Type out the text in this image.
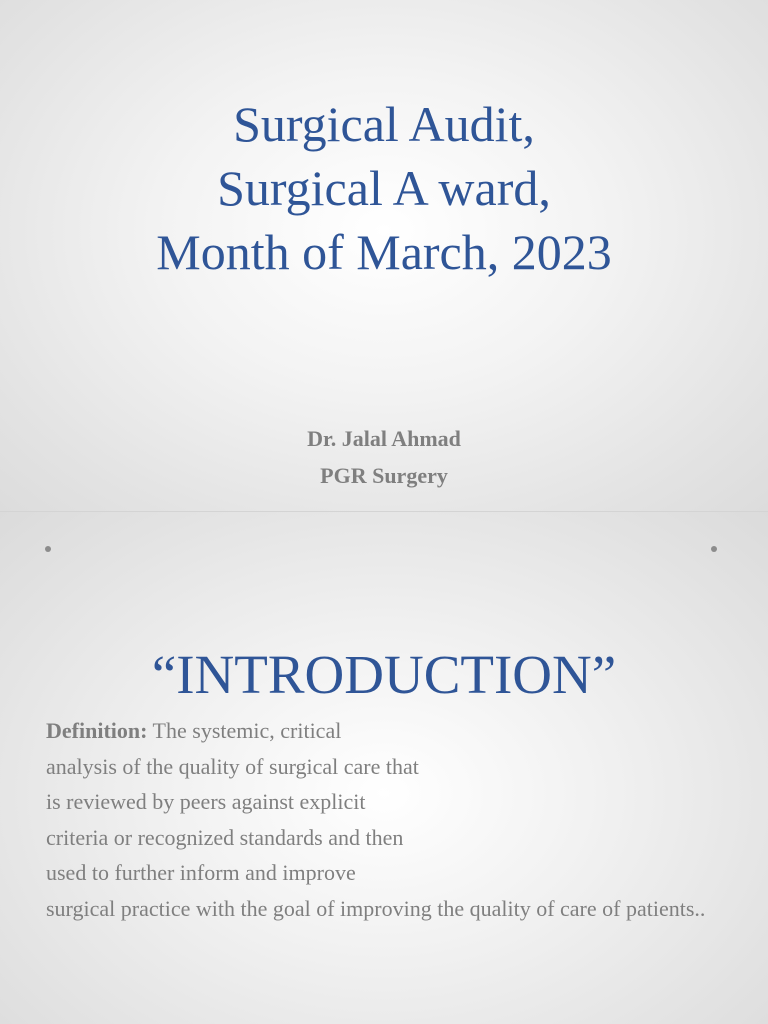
Surgical Audit,
Surgical A ward,
Month of March, 2023
Dr. Jalal Ahmad
PGR Surgery
“INTRODUCTION”
Definition: The systemic, critical
analysis of the quality of surgical care that
is reviewed by peers against explicit
criteria or recognized standards and then
used to further inform and improve
surgical practice with the goal of improving the quality of care of patients..
